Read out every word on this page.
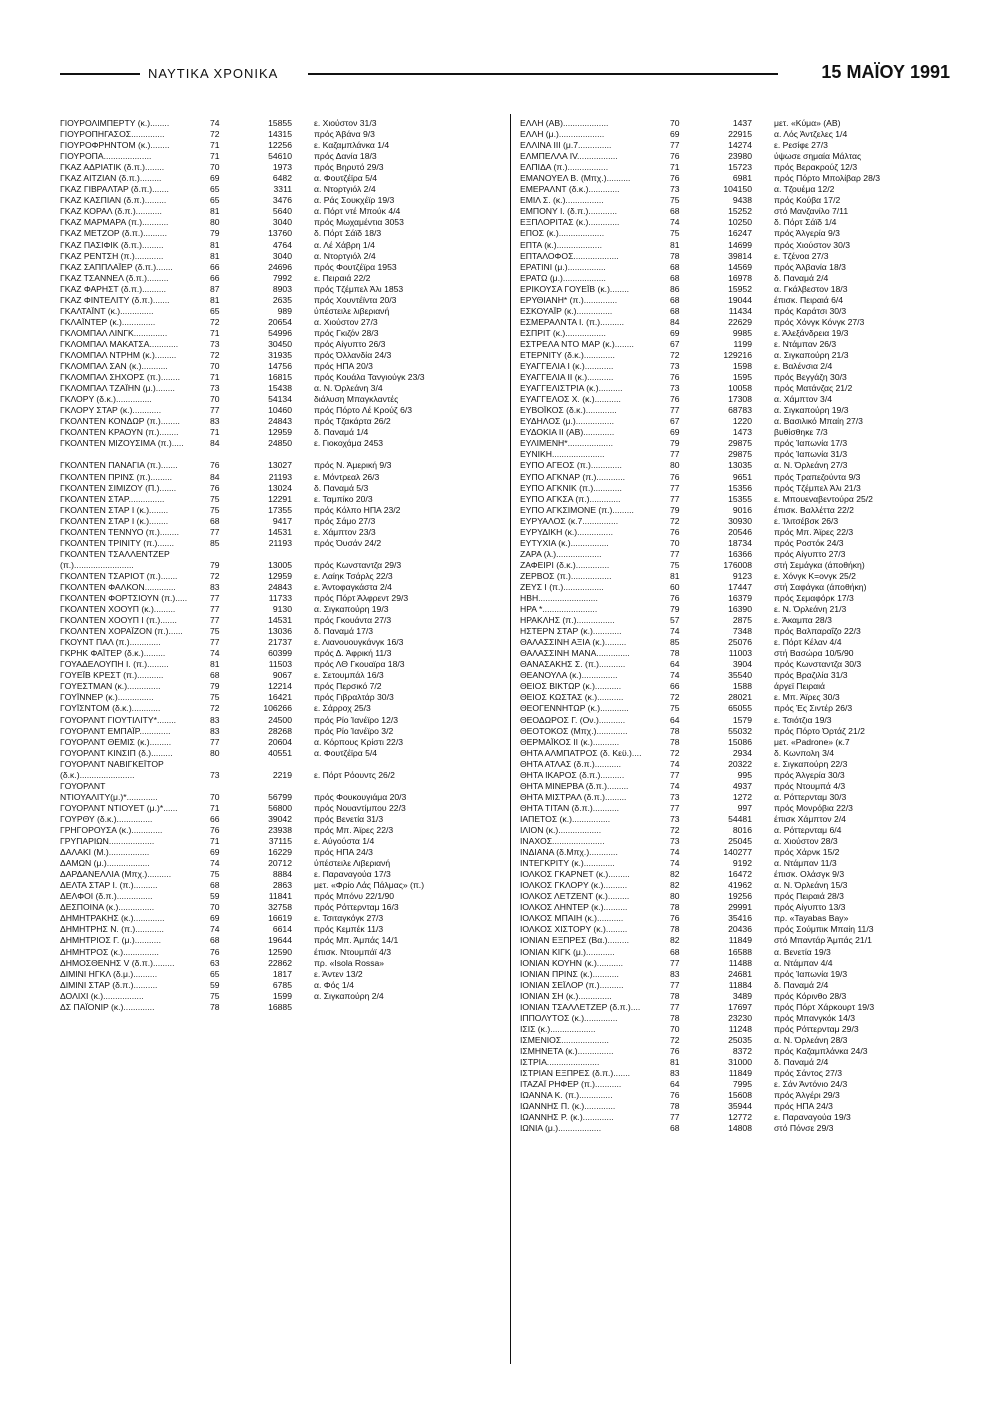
ΝΑΥΤΙΚΑ ΧΡΟΝΙΚΑ	15 ΜΑΪΟΥ 1991
ΓΙΟΥΡΟΛΙΜΠΕΡΤΥ (κ.)........	74	15855	ε. Χιούστον 31/3
ΓΙΟΥΡΟΠΗΓΑΣΟΣ..............	72	14315	πρός Άβάνα 9/3
ΓΙΟΥΡΟΦΡΗΝΤΟΜ (κ.)........	71	12256	ε. Καζαμπλάνκα 1/4
ΓΙΟΥΡΟΠΑ....................	71	54610	πρός Δανία 18/3
ΓΚΑΖ ΑΔΡΙΑΤΙΚ (δ.π.)........	70	1973	πρός Βηρυτό 29/3
ΓΚΑΖ ΑΙΤΖΙΑΝ (δ.π.).........	69	6482	α. Φουτζέϊρα 5/4
ΓΚΑΖ ΓΙΒΡΑΛΤΑΡ (δ.π.).......	65	3311	α. Ντορτγιόλ 2/4
ΓΚΑΖ ΚΑΣΠΙΑΝ (δ.π.).........	65	3476	α. Ράς Σουκχέϊρ 19/3
ΓΚΑΖ ΚΟΡΑΛ (δ.π.)...........	81	5640	α. Πόρτ ντέ Μπούκ 4/4
ΓΚΑΖ ΜΑΡΜΑΡΑ (π.)...........	80	3040	πρός Μωχαμέντια 3053
ΓΚΑΖ ΜΕΤΖΟΡ (δ.π.)..........	79	13760	δ. Πόρτ Σάϊδ 18/3
ΓΚΑΖ ΠΑΣΙΦΙΚ (δ.π.).........	81	4764	α. Λέ Χάβρη 1/4
ΓΚΑΖ ΡΕΝΤΣΗ (π.)............	81	3040	α. Ντορτγιόλ 2/4
ΓΚΑΖ ΣΑΠΠΛΑΪΕΡ (δ.π.).......	66	24696	πρός Φουτζέϊρα 1953
ΓΚΑΖ ΤΣΑΝΝΕΛ (δ.π.).........	66	7992	ε. Πειραιά 22/2
ΓΚΑΖ ΦΑΡΗΣΤ (δ.π.)..........	87	8903	πρός Τζέμπελ Άλι 1853
ΓΚΑΖ ΦΙΝΤΕΛΙΤΥ (δ.π.).......	81	2635	πρός Χουντέϊντα 20/3
ΓΚΑΛΤΑΪΝΤ (κ.)..............	65	989	ύπέστειλε λιβεριανή
ΓΚΛΑΪΝΤΕΡ (κ.)..............	72	20654	α. Χιούστον 27/3
ΓΚΛΟΜΠΑΛ ΛΙΝΓΚ..............	71	54996	πρός Γκιζόν 28/3
ΓΚΛΟΜΠΑΛ ΜΑΚΑΤΣΑ............	73	30450	πρός Αίγυπτο 26/3
ΓΚΛΟΜΠΑΛ ΝΤΡΗΜ (κ.).........	72	31935	πρός Όλλανδία 24/3
ΓΚΛΟΜΠΑΛ ΣΑΝ (κ.)...........	70	14756	πρός ΗΠΑ 20/3
ΓΚΛΟΜΠΑΛ ΣΗΧΟΡΣ (π.)........	71	16815	πρός Κουάλα Τανγιούγκ 23/3
ΓΚΛΟΜΠΑΛ ΤΖΑΪΗΝ (μ.)........	73	15438	α. Ν. Όρλεάνη 3/4
ΓΚΛΟΡΥ (δ.κ.)...............	70	54134	διάλυση Μπαγκλαντές
ΓΚΛΟΡΥ ΣΤΑΡ (κ.)............	77	10460	πρός Πόρτο Λέ Κρούζ 6/3
ΓΚΟΛΝΤΕΝ ΚΟΝΔΩΡ (π.)........	83	24843	πρός Τζακάρτα 26/2
ΓΚΟΛΝΤΕΝ ΚΡΑΟΥΝ (π.)........	71	12959	δ. Παναμά 1/4
ΓΚΟΛΝΤΕΝ ΜΙΖΟΥΣΙΜΑ (π.).....	84	24850	ε. Γιοκοχάμα 2453
ΓΚΟΛΝΤΕΝ ΠΑΝΑΓΙΑ (π.).......	76	13027	πρός Ν. Άμερική 9/3
ΓΚΟΛΝΤΕΝ ΠΡΙΝΣ (π.).........	84	21193	ε. Μόντρεαλ 26/3
ΓΚΟΛΝΤΕΝ ΣΙΜΙΖΟΥ (Π.).......	76	13024	δ. Παναμά 5/3
ΓΚΟΛΝΤΕΝ ΣΤΑΡ...............	75	12291	ε. Ταμπίκο 20/3
ΓΚΟΛΝΤΕΝ ΣΤΑΡ Ι (κ.)........	75	17355	πρός Κόλπο ΗΠΑ 23/2
ΓΚΟΛΝΤΕΝ ΣΤΑΡ Ι (κ.)........	68	9417	πρός Σάμο 27/3
ΓΚΟΛΝΤΕΝ ΤΕΝΝΥΟ (π.)........	77	14531	ε. Χάμπτον 23/3
ΓΚΟΛΝΤΕΝ ΤΡΙΝΙΤΥ (π.).......	85	21193	πρός Όυσάν 24/2
ΓΚΟΛΝΤΕΝ ΤΣΑΛΛΕΝΤΖΕΡ
(π.).........................	79	13005	πρός Κωνσταντζα 29/3
ΓΚΟΛΝΤΕΝ ΤΣΑΡΙΟΤ (π.).......	72	12959	ε. Λαίηκ Τσάρλς 22/3
ΓΚΟΛΝΤΕΝ ΦΑΛΚΟΝ.............	83	24843	ε. Άντοφαγκάστα 2/4
ΓΚΟΛΝΤΕΝ ΦΟΡΤΣΙΟΥΝ (π.).....	77	11733	πρός Πόρτ Άλφρεντ 29/3
ΓΚΟΛΝΤΕΝ ΧΟΟΥΠ (κ.).........	77	9130	α. Σιγκαπούρη 19/3
ΓΚΟΛΝΤΕΝ ΧΟΟΥΠ Ι (π.).......	77	14531	πρός Γκουάντα 27/3
ΓΚΟΛΝΤΕΝ ΧΟΡΑΪΖΟΝ (π.)......	75	13036	δ. Παναμά 17/3
ΓΚΟΥΝΤ ΠΑΛ (π.).............	77	21737	ε. Λιανουουγκάνγκ 16/3
ΓΚΡΗΚ ΦΑΪΤΕΡ (δ.κ.).........	74	60399	πρός Δ. Άφρική 11/3
ΓΟΥΑΔΕΛΟΥΠΗ Ι. (π.).........	81	11503	πρός ΛΘ Γκουαϊρα 18/3
ΓΟΥΕΪΒ ΚΡΕΣΤ (π.)...........	68	9067	ε. Σετουμπάλ 16/3
ΓΟΥΕΣΤΜΑΝ (κ.)..............	79	12214	πρός Περσικό 7/2
ΓΟΥΪΝΝΕΡ (κ.)...............	75	16421	πρός Γιβραλτάρ 30/3
ΓΟΥΪΣΝΤΟΜ (δ.κ.)............	72	106266	ε. Σάρροχ 25/3
ΓΟΥΟΡΛΝΤ ΓΙΟΥΤΙΛΙΤΥ*........	83	24500	πρός Ρίο Ίανέϊρο 12/3
ΓΟΥΟΡΛΝΤ ΕΜΠΑΪΡ.............	83	28268	πρός Ρίο Ίανέϊρο 3/2
ΓΟΥΟΡΛΝΤ ΘΕΜΙΣ (κ.).........	77	20604	α. Κόρπους Κρίστι 22/3
ΓΟΥΟΡΛΝΤ ΚΙΝΣΙΠ (δ.).........	80	40551	α. Φουτζέϊρα 5/4
ΓΟΥΟΡΛΝΤ ΝΑΒΙΓΚΕΪΤΟΡ
(δ.κ.).......................	73	2219	ε. Πόρτ Ρόουντς 26/2
ΓΟΥΟΡΛΝΤ
ΝΤΙΟΥΑΛΙΤΥ(μ.)*.............	70	56799	πρός Φουκουγιάμα 20/3
ΓΟΥΟΡΛΝΤ ΝΤΙΟΥΕΤ (μ.)*......	71	56800	πρός Νουαντίμπου 22/3
ΓΟΥΡΘΥ (δ.κ.)...............	66	39042	πρός Βενετία 31/3
ΓΡΗΓΟΡΟΥΣΑ (κ.).............	76	23938	πρός Μπ. Άϊρες 22/3
ΓΡΥΠΑΡΙΩΝ...................	71	37115	ε. Αύγούστα 1/4
ΔΑΛΑΚΙ (Μ.).................	69	16229	πρός ΗΠΑ 24/3
ΔΑΜΩΝ (μ.)..................	74	20712	ύπέστειλε Λιβεριανή
ΔΑΡΔΑΝΕΛΛΙΑ (Μπχ.)..........	75	8884	ε. Παραναγούα 17/3
ΔΕΛΤΑ ΣΤΑΡ Ι. (π.)..........	68	2863	μετ. «Φρίο Λάς Πάλμας» (π.)
ΔΕΛΦΟΙ (δ.π.)...............	59	11841	πρός Μπόνυ 22/1/90
ΔΕΣΠΟΙΝΑ (κ.)...............	70	32758	πρός Ρόττερνταμ 16/3
ΔΗΜΗΤΡΑΚΗΣ (κ.).............	69	16619	ε. Τσιταγκόγκ 27/3
ΔΗΜΗΤΡΗΣ Ν. (π.)............	74	6614	πρός Κεμπέκ 11/3
ΔΗΜΗΤΡΙΟΣ Γ. (μ.)...........	68	19644	πρός Μπ. Άμπάς 14/1
ΔΗΜΗΤΡΟΣ (κ.)...............	76	12590	έπισκ. Ντουμπάϊ 4/3
ΔΗΜΟΣΘΕΝΗΣ V (δ.π.).........	63	22862	πρ. «Isola Rossa»
ΔΙΜΙΝΙ ΗΓΚΛ (δ.μ.)..........	65	1817	ε. Άντεν 13/2
ΔΙΜΙΝΙ ΣΤΑΡ (δ.π.)..........	59	6785	α. Φός 1/4
ΔΟΛΙΧΙ (κ.).................	75	1599	α. Σιγκαπούρη 2/4
ΔΣ ΠΑΪΟΝΙΡ (κ.).............	78	16885
ΕΛΛΗ (ΑΒ)...................	70	1437	μετ. «Κύμα» (ΑΒ)
ΕΛΛΗ (μ.)...................	69	22915	α. Λός Άντζελες 1/4
ΕΛΛΙΝΑ ΙΙΙ (μ.7..............	77	14274	ε. Ρεσίφε 27/3
ΕΛΜΠΕΛΛΑ IV.................	76	23980	ύψωσε σημαία Μάλτας
ΕΛΠΙΔΑ (π.).................	71	15723	πρός Βερακρούζ 12/3
ΕΜΑΝΟΥΕΛ Β. (Μπχ.)..........	76	6981	πρός Πόρτο Μπολίβαρ 28/3
ΕΜΕΡΑΛΝΤ (δ.κ.).............	73	104150	α. Τζουέμα 12/2
ΕΜΙΛ Σ. (κ.)................	75	9438	πρός Κούβα 17/2
ΕΜΠΟΝΥ Ι. (δ.π.)............	68	15252	στό Μανζανίλο 7/11
ΕΞΠΛΟΡΙΤΑΣ (κ.).............	74	10250	δ. Πόρτ Σάϊδ 1/4
ΕΠΟΣ (κ.)...................	75	16247	πρός Άλγερία 9/3
ΕΠΤΑ (κ.)...................	81	14699	πρός Χιούστον 30/3
ΕΠΤΑΛΟΦΟΣ...................	78	39814	ε. Τζένοα 27/3
ΕΡΑΤΙΝΙ (μ.)................	68	14569	πρός Άλβανία 18/3
ΕΡΑΤΩ (μ.)..................	68	16978	δ. Παναμά 2/4
ΕΡΙΚΟΥΣΑ ΓΟΥΕΪΒ (κ.)........	86	15952	α. Γκάλβεστον 18/3
ΕΡΥΘΙΑΝΗ* (π.)..............	68	19044	έπισκ. Πειραιά 6/4
ΕΣΚΟΥΑΪΡ (κ.)...............	68	11434	πρός Καράτσι 30/3
ΕΣΜΕΡΑΛΝΤΑ Ι. (π.)..........	84	22629	πρός Χόνγκ Κόνγκ 27/3
ΕΣΠΡΙΤ (κ.).................	69	9985	ε. Άλεξάνδρεια 19/3
ΕΣΤΡΕΛΑ ΝΤΟ ΜΑΡ (κ.)........	67	1199	ε. Ντάμπαν 26/3
ΕΤΕΡΝΙΤΥ (δ.κ.).............	72	129216	α. Σιγκαπούρη 21/3
ΕΥΑΓΓΕΛΙΑ Ι (κ.)............	73	1598	ε. Βαλένσια 2/4
ΕΥΑΓΓΕΛΙΑ ΙΙ (κ.)...........	76	1595	πρός Βεγγάζη 30/3
ΕΥΑΓΓΕΛΙΣΤΡΙΑ (κ.)..........	73	10058	πρός Ματάνζας 21/2
ΕΥΑΓΓΕΛΟΣ Χ. (κ.)...........	76	17308	α. Χάμπτον 3/4
ΕΥΒΟΪΚΟΣ (δ.κ.).............	77	68783	α. Σιγκαπούρη 19/3
ΕΥΔΗΛΟΣ (μ.)................	67	1220	α. Βασιλικό Μπαίη 27/3
ΕΥΔΟΚΙΑ ΙΙ (ΑΒ).............	69	1473	βυθίσθηκε 7/3
ΕΥΛΙΜΕΝΗ*...................	79	29875	πρός Ίαπωνία 17/3
ΕΥΝΙΚΗ......................	77	29875	πρός Ίαπωνία 31/3
ΕΥΠΟ ΑΓΕΟΣ (π.).............	80	13035	α. Ν. Όρλεάνη 27/3
ΕΥΠΟ ΑΓΚΝΑΡ (π.)............	76	9651	πρός Τραπεζούντα 9/3
ΕΥΠΟ ΑΓΚΝΙΚ (π.)............	77	15356	πρός Τζέμπελ Άλι 21/3
ΕΥΠΟ ΑΓΚΣΑ (π.).............	77	15355	ε. Μπουεναβεντούρα 25/2
ΕΥΠΟ ΑΓΚΣΙΜΟΝΕ (π.).........	79	9016	έπισκ. Βαλλέττα 22/2
ΕΥΡΥΑΛΟΣ (κ.7...............	72	30930	ε. Ίλιτσέβσκ 26/3
ΕΥΡΥΔΙΚΗ (κ.)...............	76	20546	πρός Μπ. Άϊρες 22/3
ΕΥΤΥΧΙΑ (κ.)................	70	18734	πρός Ροστόκ 24/3
ΖΑΡΑ (λ.)...................	77	16366	πρός Αίγυπτο 27/3
ΖΑΦΕΙΡΙ (δ.κ.)..............	75	176008	στή Σεμάγκα (άποθήκη)
ΖΕΡΒΟΣ (π.).................	81	9123	ε. Χόνγκ Κ=ονγκ 25/2
ΖΕΥΣ Ι (π.).................	60	17447	στή Σαφάγκα (άποθήκη)
ΗΒΗ.........................	76	16379	πρός Σεμαφόρκ 17/3
ΗΡΑ *.......................	79	16390	ε. Ν. Όρλεάνη 21/3
ΗΡΑΚΛΗΣ (π.)................	57	2875	ε. Άκαμπα 28/3
ΗΣΤΕΡΝ ΣΤΑΡ (κ.)............	74	7348	πρός Βαλπαραΐζο 22/3
ΘΑΛΑΣΣΙΝΗ ΑΞΙΑ (κ.).........	85	25076	ε. Πόρτ Κέλαν 4/4
ΘΑΛΑΣΣΙΝΗ ΜΑΝΑ..............	78	11003	στή Βασώρα 10/5/90
ΘΑΝΑΣΑΚΗΣ Σ. (π.)...........	64	3904	πρός Κωνσταντζα 30/3
ΘΕΑΝΟΥΛΑ (κ.)...............	74	35540	πρός Βραζιλία 31/3
ΘΕΙΟΣ ΒΙΚΤΩΡ (κ.)...........	66	1588	άργεϊ Πειραιά
ΘΕΙΟΣ ΚΩΣΤΑΣ (κ.)...........	72	28021	ε. Μπ. Άϊρες 30/3
ΘΕΟΓΕΝΝΗΤΩΡ (κ.)............	75	65055	πρός Ές Σιντέρ 26/3
ΘΕΟΔΩΡΟΣ Γ. (Ον.)...........	64	1579	ε. Τσιότζια 19/3
ΘΕΟΤΟΚΟΣ (Μπχ.).............	78	55032	πρός Πόρτο Όρτάζ 21/2
ΘΕΡΜΑΪΚΟΣ ΙΙ (κ.)...........	78	15086	μετ. «Padrone» (κ.7
ΘΗΤΑ ΑΛΜΠΑΤΡΟΣ (δ. Κεϋ.)....	72	2934	δ. Κωνπολη 3/4
ΘΗΤΑ ΑΤΛΑΣ (δ.π.)...........	74	20322	ε. Σιγκαπούρη 22/3
ΘΗΤΑ ΙΚΑΡΟΣ (δ.π.)..........	77	995	πρός Άλγερία 30/3
ΘΗΤΑ ΜΙΝΕΡΒΑ (δ.π.).........	74	4937	πρός Ντουμπά 4/3
ΘΗΤΑ ΜΙΣΤΡΑΛ (δ.π.).........	73	1272	α. Ρόττερνταμ 30/3
ΘΗΤΑ ΤΙΤΑΝ (δ.π.)...........	77	997	πρός Μονρόβια 22/3
ΙΑΠΕΤΟΣ (κ.)................	73	54481	έπισκ Χάμπτον 2/4
ΙΛΙΟΝ (κ.)..................	72	8016	α. Ρόττερνταμ 6/4
ΙΝΑΧΟΣ......................	73	25045	α. Χιούστον 28/3
ΙΝΔΙΑΝΑ (δ.Μπχ.)............	74	140277	πρός Χάρνκ 15/2
ΙΝΤΕΓΚΡΙΤΥ (κ.).............	74	9192	α. Ντάμπαν 11/3
ΙΟΛΚΟΣ ΓΚΑΡΝΕΤ (κ.).........	82	16472	έπισκ. Ολάσγκ 9/3
ΙΟΛΚΟΣ ΓΚΛΟΡΥ (κ.)..........	82	41962	α. Ν. Όρλεάνη 15/3
ΙΟΛΚΟΣ ΛΕΤΖΕΝΤ (κ.).........	80	19256	πρός Πειραιά 28/3
ΙΟΛΚΟΣ ΛΗΝΤΕΡ (κ.)..........	78	29991	πρός Αίγυπτο 13/3
ΙΟΛΚΟΣ ΜΠΑΙΗ (κ.)...........	76	35416	πρ. «Tayabas Bay»
ΙΟΛΚΟΣ ΧΙΣΤΟΡΥ (κ.).........	78	20436	πρός Σούμπικ Μπαίη 11/3
ΙΟΝΙΑΝ ΕΞΠΡΕΣ (Βα.).........	82	11849	στό Μπαντάρ Άμπάς 21/1
ΙΟΝΙΑΝ ΚΙΓΚ (μ.)............	68	16588	α. Βενετία 19/3
ΙΟΝΙΑΝ ΚΟΥΗΝ (κ.)...........	77	11488	α. Ντάμπαν 4/4
ΙΟΝΙΑΝ ΠΡΙΝΣ (κ.)...........	83	24681	πρός Ίαπωνία 19/3
ΙΟΝΙΑΝ ΣΕΪΛΟΡ (π.)..........	77	11884	δ. Παναμά 2/4
ΙΟΝΙΑΝ ΣΗ (κ.)..............	78	3489	πρός Κόρινθο 28/3
ΙΟΝΙΑΝ ΤΣΑΛΛΕΤΖΕΡ (δ.π.)....	77	17697	πρός Πόρτ Χάρκουρτ 19/3
ΙΠΠΟΛΥΤΟΣ (κ.)..............	78	23230	πρός Μπανγκόκ 14/3
ΙΣΙΣ (κ.)...................	70	11248	πρός Ρόττερνταμ 29/3
ΙΣΜΕΝΙΟΣ....................	72	25035	α. Ν. Όρλεάνη 28/3
ΙΣΜΗΝΕΤΑ (κ.)...............	76	8372	πρός Καζαμπλάνκα 24/3
ΙΣΤΡΙΑ......................	81	31000	δ. Παναμά 2/4
ΙΣΤΡΙΑΝ ΕΞΠΡΕΣ (δ.π.).......	83	11849	πρός Σάντος 27/3
ΙΤΑΖΑΪ ΡΗΦΕΡ (π.)...........	64	7995	ε. Σάν Άντόνιο 24/3
ΙΩΑΝΝΑ Κ. (π.)..............	76	15608	πρός Άλγέρι 29/3
ΙΩΑΝΝΗΣ Π. (κ.).............	78	35944	πρός ΗΠΑ 24/3
ΙΩΑΝΝΗΣ Ρ. (κ.).............	77	12772	ε. Παραναγούα 19/3
ΙΩΝΙΑ (μ.)..................	68	14808	στό Πόνσε 29/3
